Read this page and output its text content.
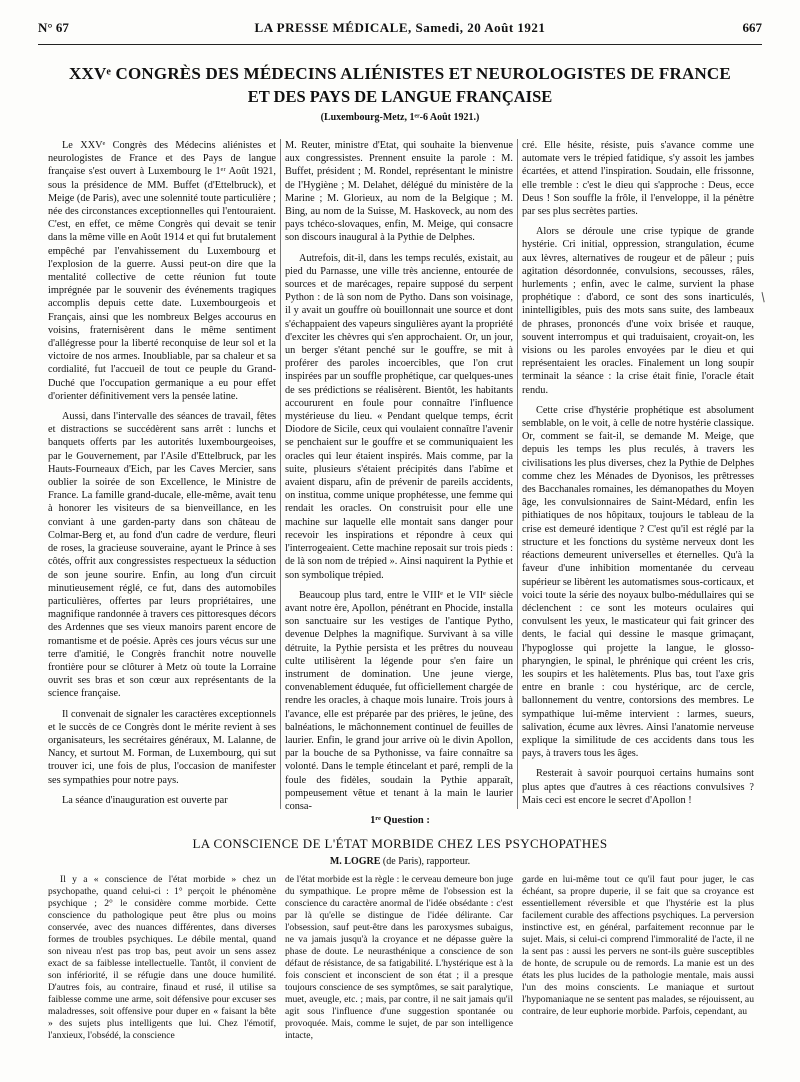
N° 67	LA PRESSE MÉDICALE, Samedi, 20 Août 1921	667
XXVᵉ CONGRÈS DES MÉDECINS ALIÉNISTES ET NEUROLOGISTES DE FRANCE
ET DES PAYS DE LANGUE FRANÇAISE
(Luxembourg-Metz, 1ᵉʳ-6 Août 1921.)

Le XXVᵉ Congrès des Médecins aliénistes et neurologistes de France et des Pays de langue française s'est ouvert à Luxembourg le 1ᵉʳ Août 1921, sous la présidence de MM. Buffet (d'Ettelbruck), et Meige (de Paris), avec une solennité toute particulière ; née des circonstances exceptionnelles qui l'entouraient. C'est, en effet, ce même Congrès qui devait se tenir dans la même ville en Août 1914 et qui fut brutalement empêché par l'envahissement du Luxembourg et l'explosion de la guerre. Aussi peut-on dire que la mentalité collective de cette réunion fut toute imprégnée par le souvenir des événements tragiques accomplis depuis cette date. Luxembourgeois et Français, ainsi que les nombreux Belges accourus en voisins, fraternisèrent dans le même sentiment d'allégresse pour la liberté reconquise de leur sol et la victoire de nos armes. Inoubliable, par sa chaleur et sa cordialité, fut l'accueil de tout ce peuple du Grand-Duché que l'occupation germanique a eu pour effet d'orienter définitivement vers la pensée latine.

Aussi, dans l'intervalle des séances de travail, fêtes et distractions se succédèrent sans arrêt : lunchs et banquets offerts par les autorités luxembourgeoises, par le Gouvernement, par l'Asile d'Ettelbruck, par les Hauts-Fourneaux d'Eich, par les Caves Mercier, sans oublier la soirée de son Excellence, le Ministre de France. La famille grand-ducale, elle-même, avait tenu à honorer les visiteurs de sa bienveillance, en les conviant à une garden-party dans son château de Colmar-Berg et, au fond d'un cadre de verdure, fleuri de roses, la gracieuse souveraine, ayant le Prince à ses côtés, offrit aux congressistes respectueux la séduction de son jeune sourire. Enfin, au long d'un circuit minutieusement réglé, ce fut, dans des automobiles particulières, offertes par leurs propriétaires, une magnifique randonnée à travers ces pittoresques décors des Ardennes que ses vieux manoirs parent encore de romantisme et de poésie. Après ces jours vécus sur une terre d'amitié, le Congrès franchit notre nouvelle frontière pour se clôturer à Metz où toute la Lorraine ouvrit ses bras et son cœur aux représentants de la science française.

Il convenait de signaler les caractères exceptionnels et le succès de ce Congrès dont le mérite revient à ses organisateurs, les secrétaires généraux, M. Lalanne, de Nancy, et surtout M. Forman, de Luxembourg, qui sut trouver ici, une fois de plus, l'occasion de manifester ses sympathies pour notre pays.

La séance d'inauguration est ouverte par

M. Reuter, ministre d'Etat, qui souhaite la bienvenue aux congressistes. Prennent ensuite la parole : M. Buffet, président ; M. Rondel, représentant le ministre de l'Hygiène ; M. Delahet, délégué du ministère de la Marine ; M. Glorieux, au nom de la Belgique ; M. Bing, au nom de la Suisse, M. Haskoveck, au nom des pays tchéco-slovaques, enfin, M. Meige, qui consacre son discours inaugural à la Pythie de Delphes.

Autrefois, dit-il, dans les temps reculés, existait, au pied du Parnasse, une ville très ancienne, entourée de sources et de marécages, repaire supposé du serpent Python : de là son nom de Pytho. Dans son voisinage, il y avait un gouffre où bouillonnait une source et dont s'échappaient des vapeurs singulières ayant la propriété d'exciter les chèvres qui s'en approchaient. Or, un jour, un berger s'étant penché sur le gouffre, se mit à proférer des paroles incoercibles, que l'on crut inspirées par un souffle prophétique, car quelques-unes de ses prédictions se réalisèrent. Bientôt, les habitants accoururent en foule pour connaître l'influence mystérieuse du lieu. « Pendant quelque temps, écrit Diodore de Sicile, ceux qui voulaient connaître l'avenir se penchaient sur le gouffre et se communiquaient les oracles qui leur étaient inspirés. Mais comme, par la suite, plusieurs s'étaient précipités dans l'abîme et avaient disparu, afin de prévenir de pareils accidents, on institua, comme unique prophétesse, une femme qui rendait les oracles. On construisit pour elle une machine sur laquelle elle montait sans danger pour recevoir les inspirations et répondre à ceux qui l'interrogeaient. Cette machine reposait sur trois pieds : de là son nom de trépied ». Ainsi naquirent la Pythie et son symbolique trépied.

Beaucoup plus tard, entre le VIIIᵉ et le VIIᵉ siècle avant notre ère, Apollon, pénétrant en Phocide, installa son sanctuaire sur les vestiges de l'antique Pytho, devenue Delphes la magnifique. Survivant à sa ville détruite, la Pythie persista et les prêtres du nouveau culte utilisèrent la légende pour s'en faire un instrument de domination. Une jeune vierge, convenablement éduquée, fut officiellement chargée de rendre les oracles, à chaque mois lunaire. Trois jours à l'avance, elle est préparée par des prières, le jeûne, des balnéations, le mâchonnement continuel de feuilles de laurier. Enfin, le grand jour arrive où le divin Apollon, par la bouche de sa Pythonisse, va faire connaître sa volonté. Dans le temple étincelant et paré, rempli de la foule des fidèles, soudain la Pythie apparaît, pompeusement vêtue et tenant à la main le laurier consa-

cré. Elle hésite, résiste, puis s'avance comme une automate vers le trépied fatidique, s'y assoit les jambes écartées, et attend l'inspiration. Soudain, elle frissonne, elle tremble : c'est le dieu qui s'approche : Deus, ecce Deus ! Son souffle la frôle, il l'enveloppe, il la pénètre par ses plus secrètes parties.

Alors se déroule une crise typique de grande hystérie. Cri initial, oppression, strangulation, écume aux lèvres, alternatives de rougeur et de pâleur ; puis agitation désordonnée, convulsions, secousses, râles, hurlements ; enfin, avec le calme, survient la phase prophétique : d'abord, ce sont des sons inarticulés, inintelligibles, puis des mots sans suite, des lambeaux de phrases, prononcés d'une voix brisée et rauque, souvent interrompus et qui traduisaient, croyait-on, les visions ou les paroles envoyées par le dieu et qui représentaient les oracles. Finalement un long soupir terminait la séance : la crise était finie, l'oracle était rendu.

Cette crise d'hystérie prophétique est absolument semblable, on le voit, à celle de notre hystérie classique. Or, comment se fait-il, se demande M. Meige, que depuis les temps les plus reculés, à travers les civilisations les plus diverses, chez la Pythie de Delphes comme chez les Ménades de Dyonisos, les prêtresses des Bacchanales romaines, les démanopathes du Moyen âge, les convulsionnaires de Saint-Médard, enfin les pithiatiques de nos hôpitaux, toujours le tableau de la crise est demeuré identique ? C'est qu'il est réglé par la structure et les fonctions du système nerveux dont les réactions demeurent universelles et éternelles. Qu'à la faveur d'une inhibition momentanée du cerveau supérieur se libèrent les automatismes sous-corticaux, et voici toute la série des noyaux bulbo-médullaires qui se déclenchent : ce sont les moteurs oculaires qui convulsent les yeux, le masticateur qui fait grincer des dents, le facial qui dessine le masque grimaçant, l'hypoglosse qui projette la langue, le glosso-pharyngien, le spinal, le phrénique qui créent les cris, les soupirs et les halètements. Plus bas, tout l'axe gris entre en branle : cou hystérique, arc de cercle, ballonnement du ventre, contorsions des membres. Le sympathique lui-même intervient : larmes, sueurs, salivation, écume aux lèvres. Ainsi l'anatomie nerveuse explique la similitude de ces accidents dans tous les pays, à travers tous les âges.

Resterait à savoir pourquoi certains humains sont plus aptes que d'autres à ces réactions convulsives ? Mais ceci est encore le secret d'Apollon !

/
1ʳᵉ Question :
LA CONSCIENCE DE L'ÉTAT MORBIDE CHEZ LES PSYCHOPATHES
M. LOGRE (de Paris), rapporteur.

Il y a « conscience de l'état morbide » chez un psychopathe, quand celui-ci : 1° perçoit le phénomène psychique ; 2° le considère comme morbide. Cette conscience du pathologique peut être plus ou moins conservée, avec des nuances différentes, dans diverses formes de troubles psychiques. Le débile mental, quand son niveau n'est pas trop bas, peut avoir un sens assez exact de sa faiblesse intellectuelle. Tantôt, il convient de son infériorité, il se réfugie dans une douce humilité. D'autres fois, au contraire, finaud et rusé, il utilise sa faiblesse comme une arme, soit défensive pour excuser ses maladresses, soit offensive pour duper en « faisant la bête » des sujets plus intelligents que lui. Chez l'émotif, l'anxieux, l'obsédé, la conscience

de l'état morbide est la règle : le cerveau demeure bon juge du sympathique. Le propre même de l'obsession est la conscience du caractère anormal de l'idée obsédante : c'est par là qu'elle se distingue de l'idée délirante. Car l'obsession, sauf peut-être dans les paroxysmes subaigus, ne va jamais jusqu'à la croyance et ne dépasse guère la phase de doute. Le neurasthénique a conscience de son défaut de résistance, de sa fatigabilité. L'hystérique est à la fois conscient et inconscient de son état ; il a presque toujours conscience de ses symptômes, se sait paralytique, muet, aveugle, etc. ; mais, par contre, il ne sait jamais qu'il agit sous l'influence d'une suggestion spontanée ou provoquée. Mais, comme le sujet, de par son intelligence intacte,

garde en lui-même tout ce qu'il faut pour juger, le cas échéant, sa propre duperie, il se fait que sa croyance est essentiellement réversible et que l'hystérie est la plus facilement curable des affections psychiques. La perversion instinctive est, en général, parfaitement reconnue par le sujet. Mais, si celui-ci comprend l'immoralité de l'acte, il ne la sent pas : aussi les pervers ne sont-ils guère susceptibles de honte, de scrupule ou de remords. La manie est un des états les plus lucides de la pathologie mentale, mais aussi l'un des moins conscients. Le maniaque et surtout l'hypomaniaque ne se sentent pas malades, se réjouissent, au contraire, de leur euphorie morbide. Parfois, cependant, au
